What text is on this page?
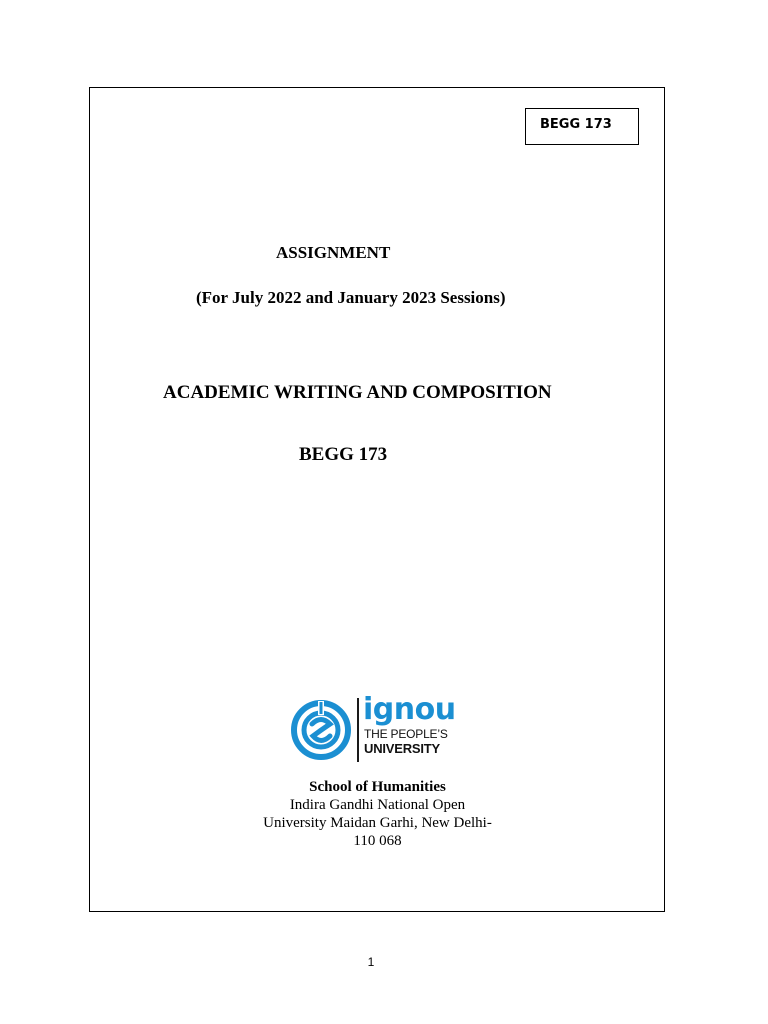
BEGG 173
ASSIGNMENT
(For July 2022 and January 2023 Sessions)
ACADEMIC WRITING AND COMPOSITION
BEGG 173
ignou
THE PEOPLE’S
UNIVERSITY
School of Humanities
Indira Gandhi National Open
University Maidan Garhi, New Delhi-
110 068
1
